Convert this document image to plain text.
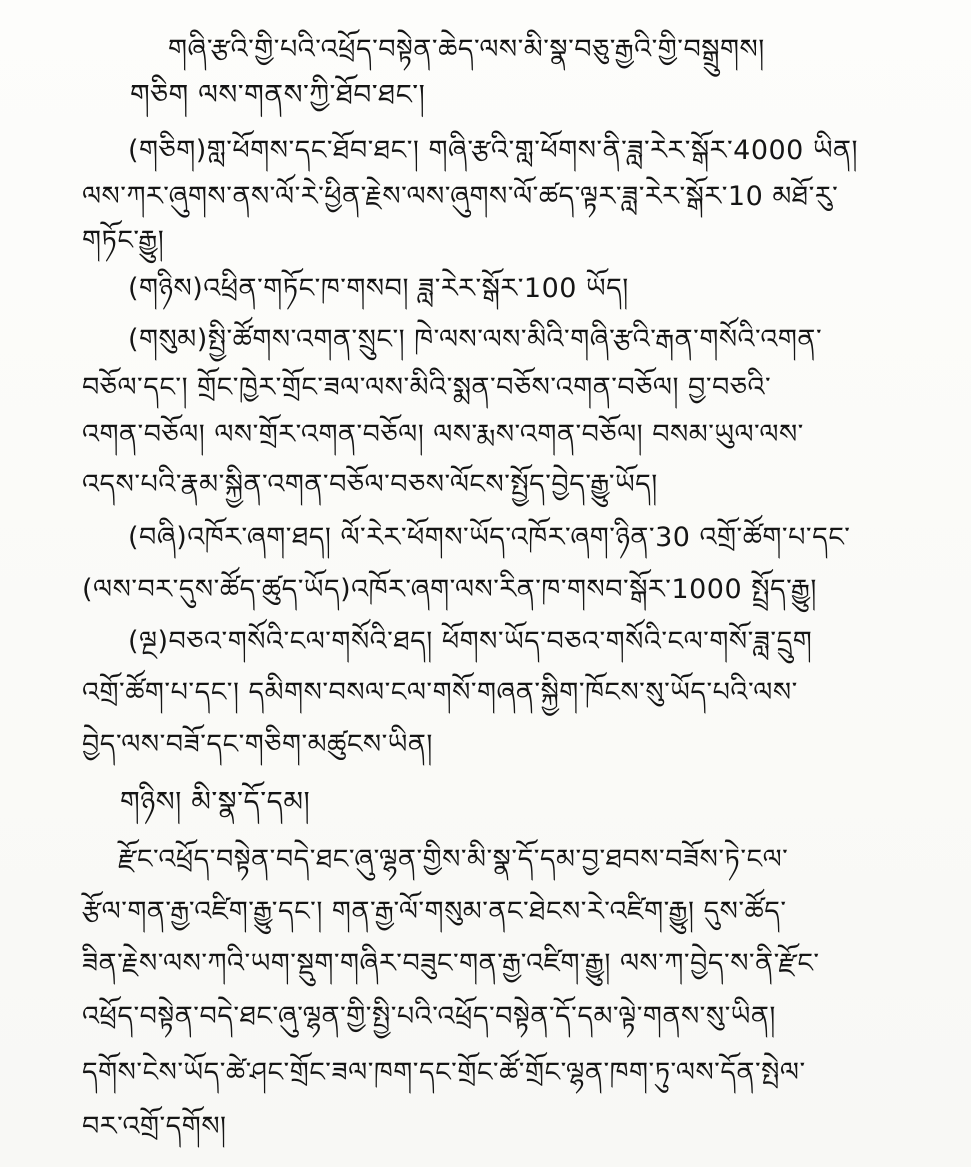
གཞི་རྩའི་གྱི་པའི་འཕྲོད་བསྟེན་ཆེད་ལས་མི་སྣ་བཅུ་རྒྱའི་གྱི་བསྒྲུགས།
གཅིག ལས་གནས་ཀྱི་ཐོབ་ཐང་།
(གཅིག)གླ་ཕོགས་དང་ཐོབ་ཐང་། གཞི་རྩའི་གླ་ཕོགས་ནི་ཟླ་རེར་སྒོར་4000 ཡིན།
ལས་ཀར་ཞུགས་ནས་ལོ་རེ་ཕྱིན་རྗེས་ལས་ཞུགས་ལོ་ཚད་ལྟར་ཟླ་རེར་སྒོར་10 མཐོ་རུ་
གཏོང་རྒྱུ།
(གཉིས)འཕྲིན་གཏོང་ཁ་གསབ། ཟླ་རེར་སྒོར་100 ཡོད།
(གསུམ)སྤྱི་ཚོགས་འགན་སྲུང་། ཁེ་ལས་ལས་མིའི་གཞི་རྩའི་རྒན་གསོའི་འགན་
བཅོལ་དང་། གྲོང་ཁྱེར་གྲོང་ཟལ་ལས་མིའི་སྨན་བཅོས་འགན་བཅོལ། བྱ་བཅའི་
འགན་བཅོལ། ལས་གྲོར་འགན་བཅོལ། ལས་རྨས་འགན་བཅོལ། བསམ་ཡུལ་ལས་
འདས་པའི་རྣམ་སྐྱིན་འགན་བཅོལ་བཅས་ལོངས་སྤྱོད་བྱེད་རྒྱུ་ཡོད།
(བཞི)འཁོར་ཞག་ཐད། ལོ་རེར་ཕོགས་ཡོད་འཁོར་ཞག་ཉིན་30 འགྲོ་ཚོག་པ་དང་
(ལས་བར་དུས་ཚོད་ཚུད་ཡོད)འཁོར་ཞག་ལས་རིན་ཁ་གསབ་སྒོར་1000 སྤྲོད་རྒྱུ།
(ལྔ)བཅའ་གསོའི་ངལ་གསོའི་ཐད། ཕོགས་ཡོད་བཅའ་གསོའི་ངལ་གསོ་ཟླ་དྲུག
འགྲོ་ཚོག་པ་དང་། དམིགས་བསལ་ངལ་གསོ་གཞན་སྐྱིག་ཁོངས་སུ་ཡོད་པའི་ལས་
བྱེད་ལས་བཟོ་དང་གཅིག་མཚུངས་ཡིན།
གཉིས། མི་སྣ་དོ་དམ།
རྫོང་འཕྲོད་བསྟེན་བདེ་ཐང་ཞུ་ལྷན་གྱིས་མི་སྣ་དོ་དམ་བྱ་ཐབས་བཟོས་ཏེ་ངལ་
རྩོལ་གན་རྒྱ་འཛིག་རྒྱུ་དང་། གན་རྒྱ་ལོ་གསུམ་ནང་ཐེངས་རེ་འཛིག་རྒྱུ། དུས་ཚོད་
ཟིན་རྗེས་ལས་ཀའི་ཡག་སྡུག་གཞིར་བཟུང་གན་རྒྱ་འཛིག་རྒྱུ། ལས་ཀ་བྱེད་ས་ནི་རྫོང་
འཕྲོད་བསྟེན་བདེ་ཐང་ཞུ་ལྷན་གྱི་སྤྱི་པའི་འཕྲོད་བསྟེན་དོ་དམ་ལྟེ་གནས་སུ་ཡིན།
དགོས་ངེས་ཡོད་ཚེ་ཤང་གྲོང་ཟལ་ཁག་དང་གྲོང་ཚོ་གྲོང་ལྷན་ཁག་ཏུ་ལས་དོན་སྤེལ་
བར་འགྲོ་དགོས།
